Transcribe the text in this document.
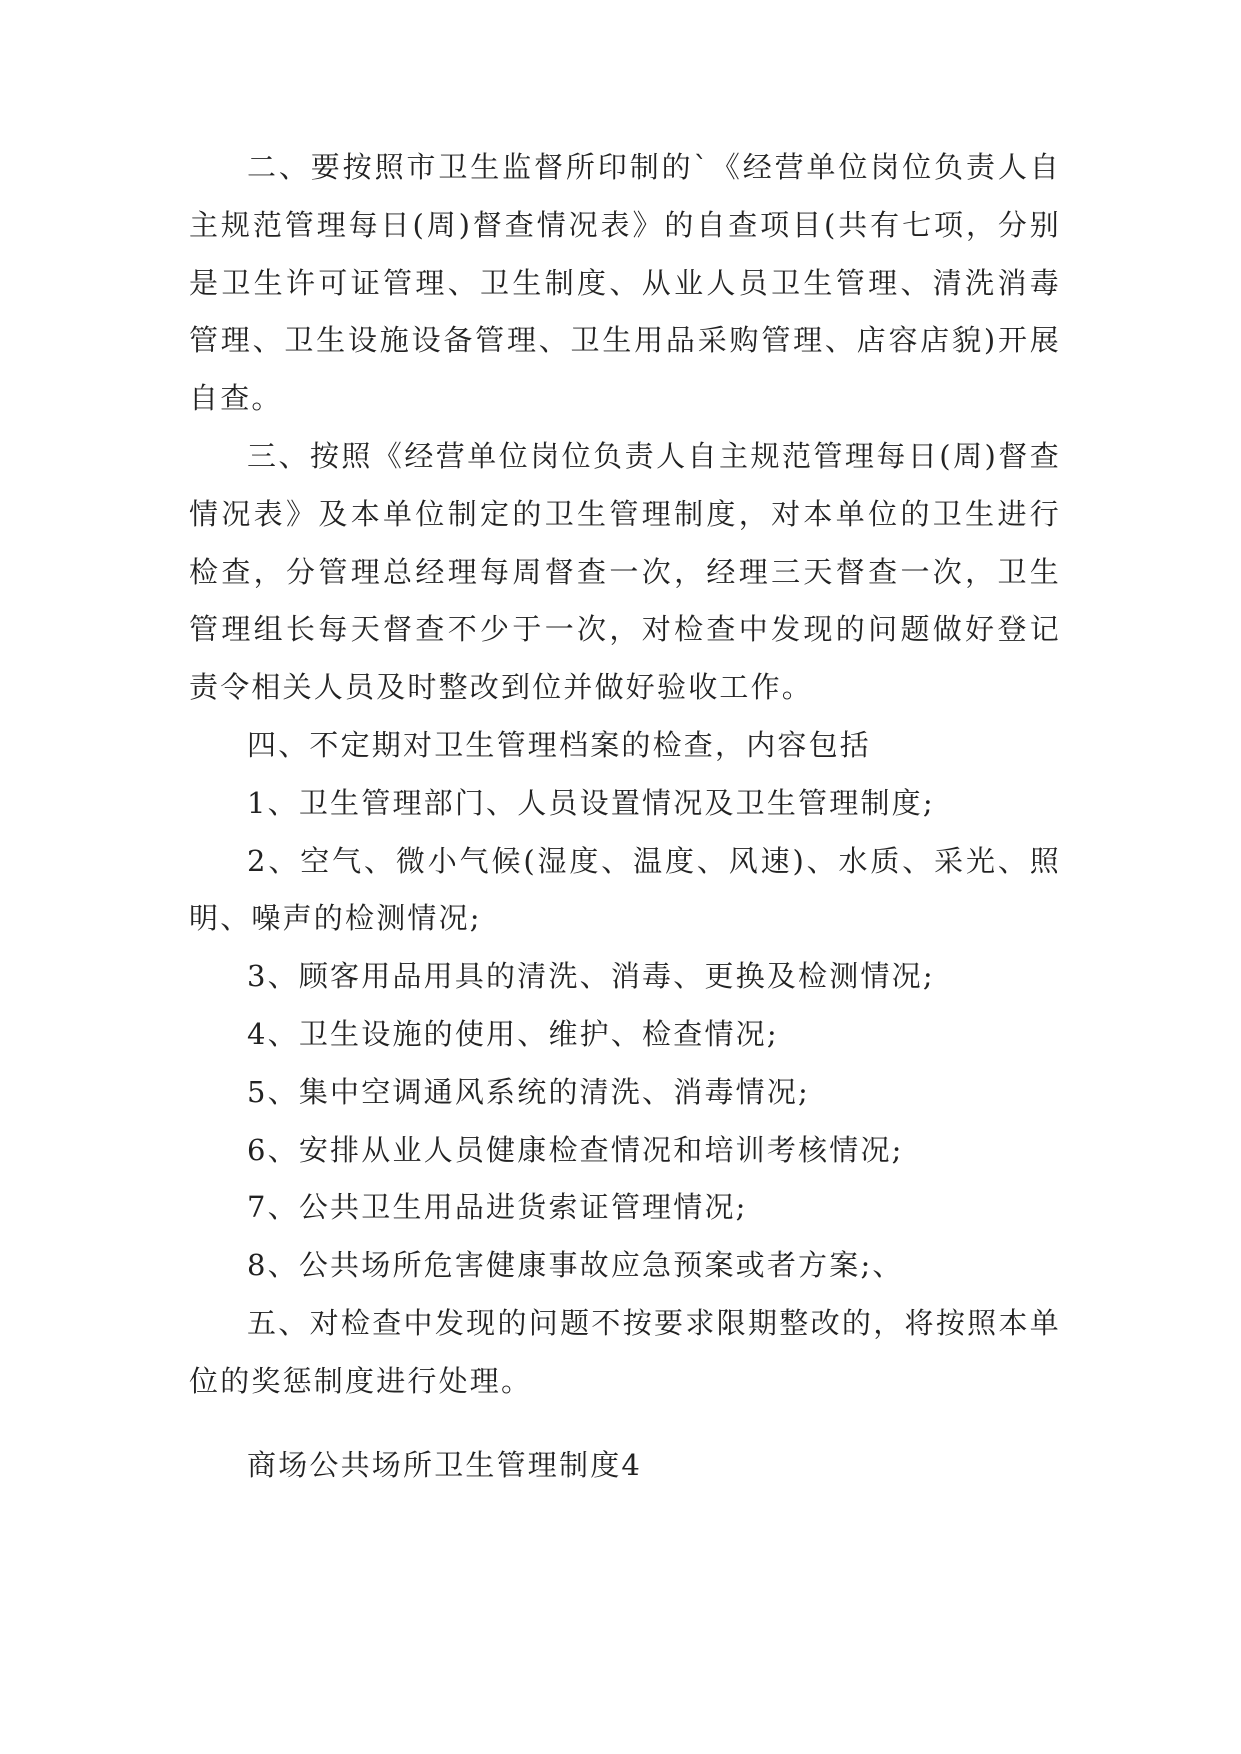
二、要按照市卫生监督所印制的`《经营单位岗位负责人自主规范管理每日(周)督查情况表》的自查项目(共有七项，分别是卫生许可证管理、卫生制度、从业人员卫生管理、清洗消毒管理、卫生设施设备管理、卫生用品采购管理、店容店貌)开展自查。

三、按照《经营单位岗位负责人自主规范管理每日(周)督查情况表》及本单位制定的卫生管理制度，对本单位的卫生进行检查，分管理总经理每周督查一次，经理三天督查一次，卫生管理组长每天督查不少于一次，对检查中发现的问题做好登记责令相关人员及时整改到位并做好验收工作。

四、不定期对卫生管理档案的检查，内容包括

1、卫生管理部门、人员设置情况及卫生管理制度;

2、空气、微小气候(湿度、温度、风速)、水质、采光、照明、噪声的检测情况;

3、顾客用品用具的清洗、消毒、更换及检测情况;

4、卫生设施的使用、维护、检查情况;

5、集中空调通风系统的清洗、消毒情况;

6、安排从业人员健康检查情况和培训考核情况;

7、公共卫生用品进货索证管理情况;

8、公共场所危害健康事故应急预案或者方案;、

五、对检查中发现的问题不按要求限期整改的，将按照本单位的奖惩制度进行处理。

商场公共场所卫生管理制度4
